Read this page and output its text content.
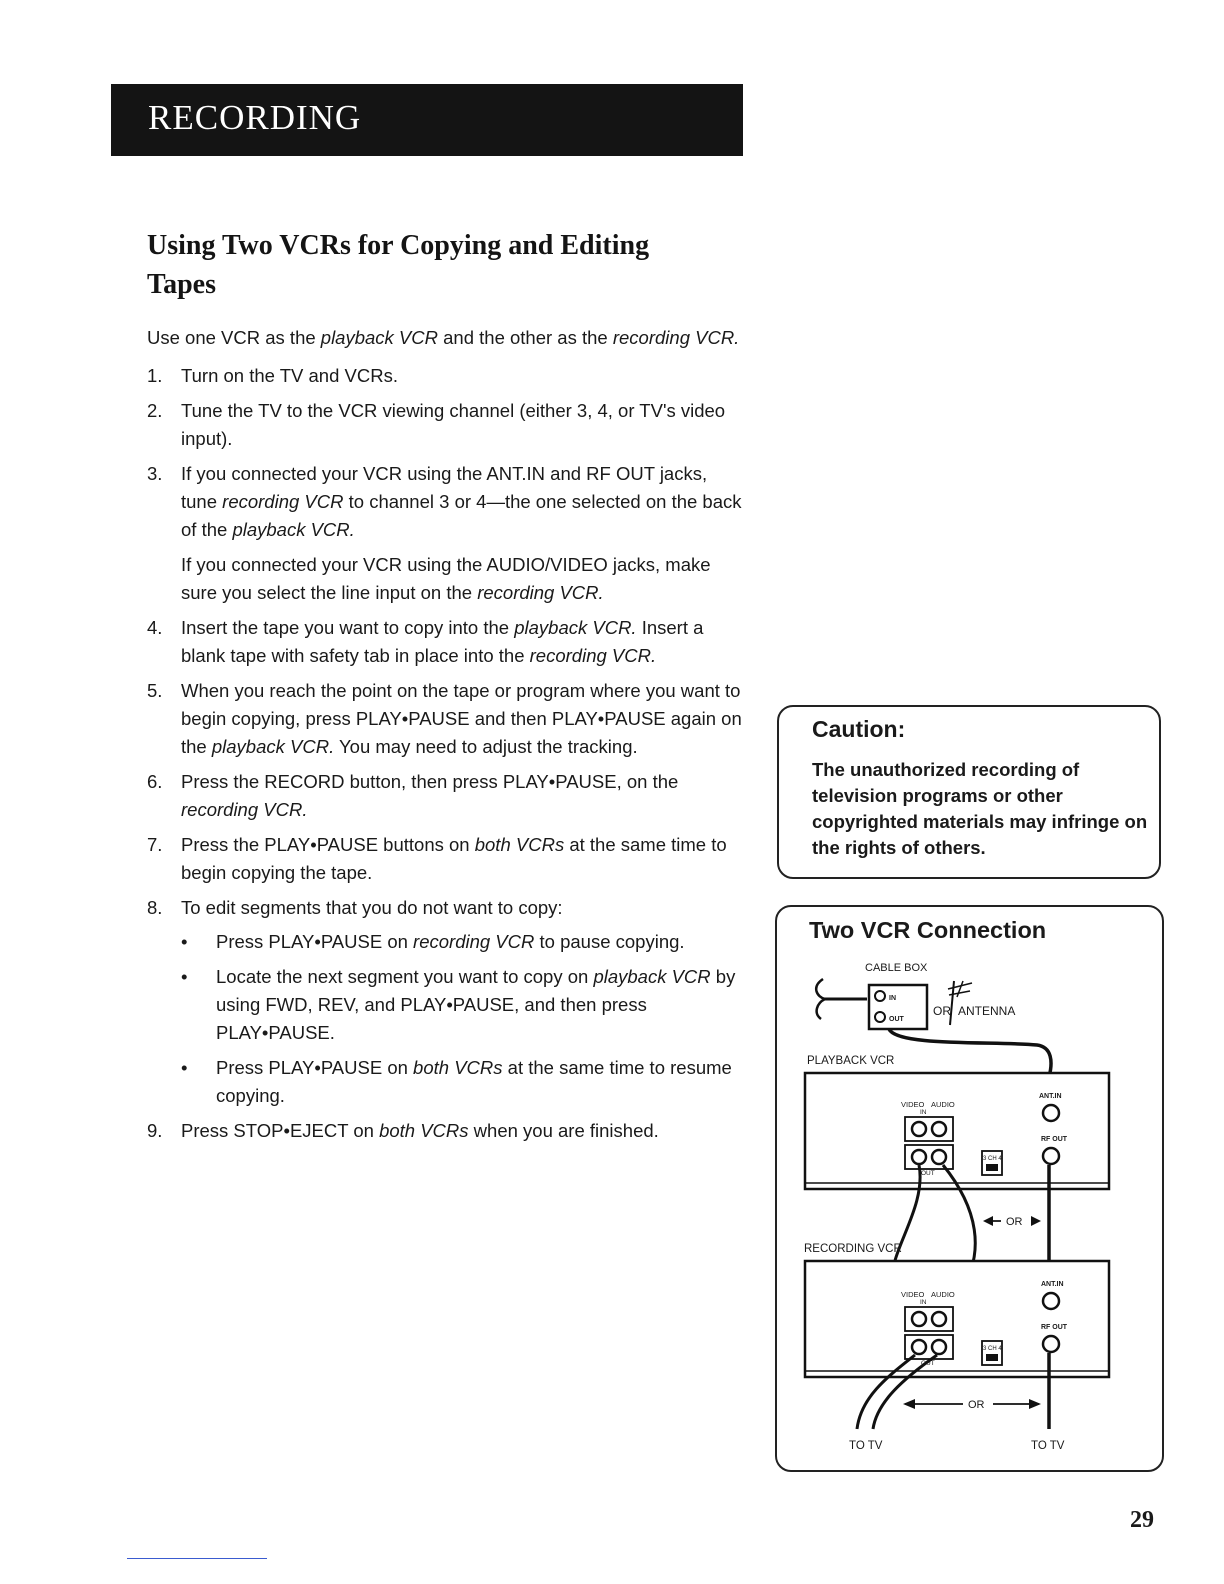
RECORDING
Using Two VCRs for Copying and Editing Tapes

Use one VCR as the playback VCR and the other as the recording VCR.

1. Turn on the TV and VCRs.
2. Tune the TV to the VCR viewing channel (either 3, 4, or TV's video input).
3. If you connected your VCR using the ANT.IN and RF OUT jacks, tune recording VCR to channel 3 or 4—the one selected on the back of the playback VCR.

If you connected your VCR using the AUDIO/VIDEO jacks, make sure you select the line input on the recording VCR.

4. Insert the tape you want to copy into the playback VCR. Insert a blank tape with safety tab in place into the recording VCR.
5. When you reach the point on the tape or program where you want to begin copying, press PLAY•PAUSE and then PLAY•PAUSE again on the playback VCR. You may need to adjust the tracking.
6. Press the RECORD button, then press PLAY•PAUSE, on the recording VCR.
7. Press the PLAY•PAUSE buttons on both VCRs at the same time to begin copying the tape.
8. To edit segments that you do not want to copy:
• Press PLAY•PAUSE on recording VCR to pause copying.
• Locate the next segment you want to copy on playback VCR by using FWD, REV, and PLAY•PAUSE, and then press PLAY•PAUSE.
• Press PLAY•PAUSE on both VCRs at the same time to resume copying.
9. Press STOP•EJECT on both VCRs when you are finished.
Caution:
The unauthorized recording of television programs or other copyrighted materials may infringe on the rights of others.
Two VCR Connection
CABLE BOX
IN
OUT
OR ANTENNA
PLAYBACK VCR
VIDEO AUDIO
IN
OUT
3 CH 4
ANT.IN
RF OUT
OR
RECORDING VCR
VIDEO AUDIO
IN
OUT
3 CH 4
ANT.IN
RF OUT
OR
TO TV	TO TV
29
